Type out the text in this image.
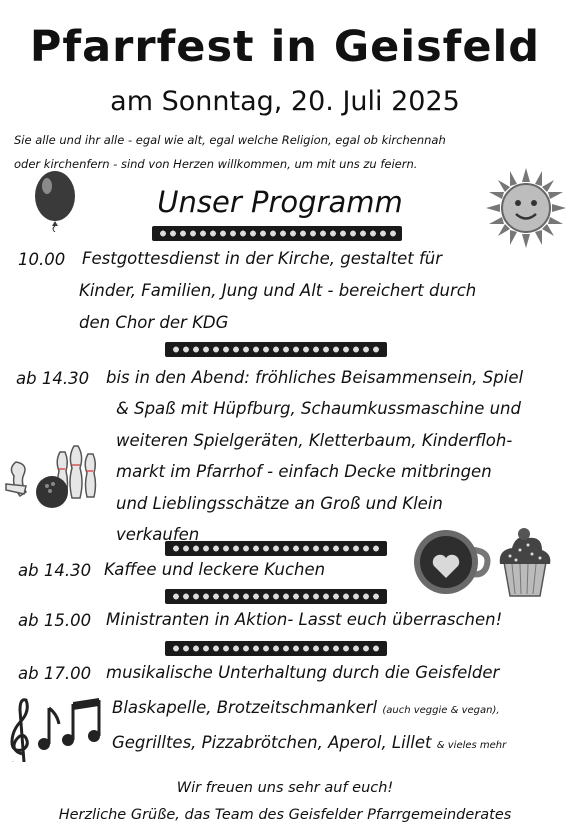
Pfarrfest in Geisfeld
am Sonntag, 20. Juli 2025
Sie alle und ihr alle - egal wie alt, egal welche Religion, egal ob kirchennah
oder kirchenfern - sind von Herzen willkommen, um mit uns zu feiern.
Unser Programm
10.00 Festgottesdienst in der Kirche, gestaltet für
Kinder, Familien, Jung und Alt - bereichert durch
den Chor der KDG
ab 14.30 bis in den Abend: fröhliches Beisammensein, Spiel
& Spaß mit Hüpfburg, Schaumkussmaschine und
weiteren Spielgeräten, Kletterbaum, Kinderfloh-
markt im Pfarrhof - einfach Decke mitbringen
und Lieblingsschätze an Groß und Klein
verkaufen
ab 14.30 Kaffee und leckere Kuchen
ab 15.00 Ministranten in Aktion- Lasst euch überraschen!
ab 17.00 musikalische Unterhaltung durch die Geisfelder
Blaskapelle, Brotzeitschmankerl (auch veggie & vegan),
Gegrilltes, Pizzabrötchen, Aperol, Lillet & vieles mehr
Wir freuen uns sehr auf euch!
Herzliche Grüße, das Team des Geisfelder Pfarrgemeinderates
